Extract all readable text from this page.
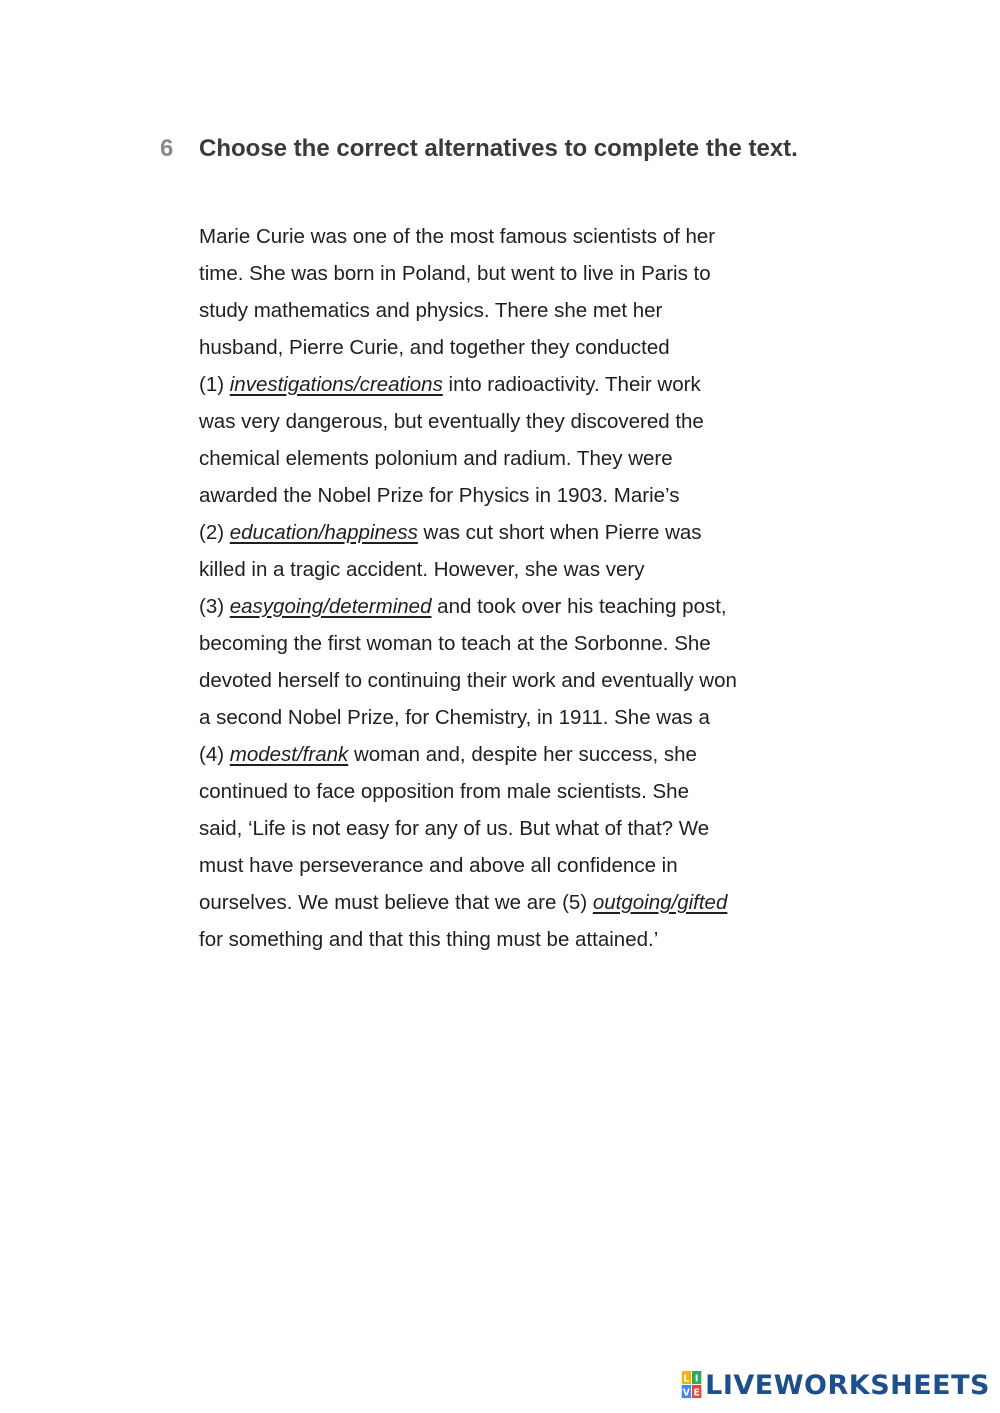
6	Choose the correct alternatives to complete the text.
Marie Curie was one of the most famous scientists of her
time. She was born in Poland, but went to live in Paris to
study mathematics and physics. There she met her
husband, Pierre Curie, and together they conducted
(1) investigations/creations into radioactivity. Their work
was very dangerous, but eventually they discovered the
chemical elements polonium and radium. They were
awarded the Nobel Prize for Physics in 1903. Marie’s
(2) education/happiness was cut short when Pierre was
killed in a tragic accident. However, she was very
(3) easygoing/determined and took over his teaching post,
becoming the first woman to teach at the Sorbonne. She
devoted herself to continuing their work and eventually won
a second Nobel Prize, for Chemistry, in 1911. She was a
(4) modest/frank woman and, despite her success, she
continued to face opposition from male scientists. She
said, ‘Life is not easy for any of us. But what of that? We
must have perseverance and above all confidence in
ourselves. We must believe that we are (5) outgoing/gifted
for something and that this thing must be attained.’
L I
V E LIVEWORKSHEETS
